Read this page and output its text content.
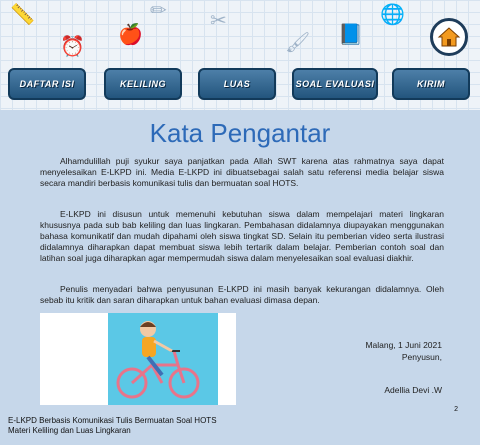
📏
⏰
🍎
✏ ✂
🖌 📘
🌐
DAFTAR ISI	KELILING	LUAS	SOAL EVALUASI	KIRIM
Kata Pengantar

Alhamdulillah puji syukur saya panjatkan pada Allah SWT karena atas rahmatnya saya dapat menyelesaikan E-LKPD ini. Media E-LKPD ini dibuatsebagai salah satu referensi media belajar siswa secara mandiri berbasis komunikasi tulis dan bermuatan soal HOTS.

E-LKPD ini disusun untuk memenuhi kebutuhan siswa dalam mempelajari materi lingkaran khususnya pada sub bab keliling dan luas lingkaran. Pembahasan didalamnya diupayakan menggunakan bahasa komunikatif dan mudah dipahami oleh siswa tingkat SD. Selain itu pemberian video serta ilustrasi didalamnya diharapkan dapat membuat siswa lebih tertarik dalam belajar. Pemberian contoh soal dan latihan soal juga diharapkan agar mempermudah siswa dalam menyelesaikan soal evaluasi diakhir.

Penulis menyadari bahwa penyusunan E-LKPD ini masih banyak kekurangan didalamnya. Oleh sebab itu kritik dan saran diharapkan untuk bahan evaluasi dimasa depan.

Malang, 1 Juni 2021
Penyusun,
Adellia Devi .W
2
E-LKPD Berbasis Komunikasi Tulis Bermuatan Soal HOTS
Materi Keliling dan Luas Lingkaran
